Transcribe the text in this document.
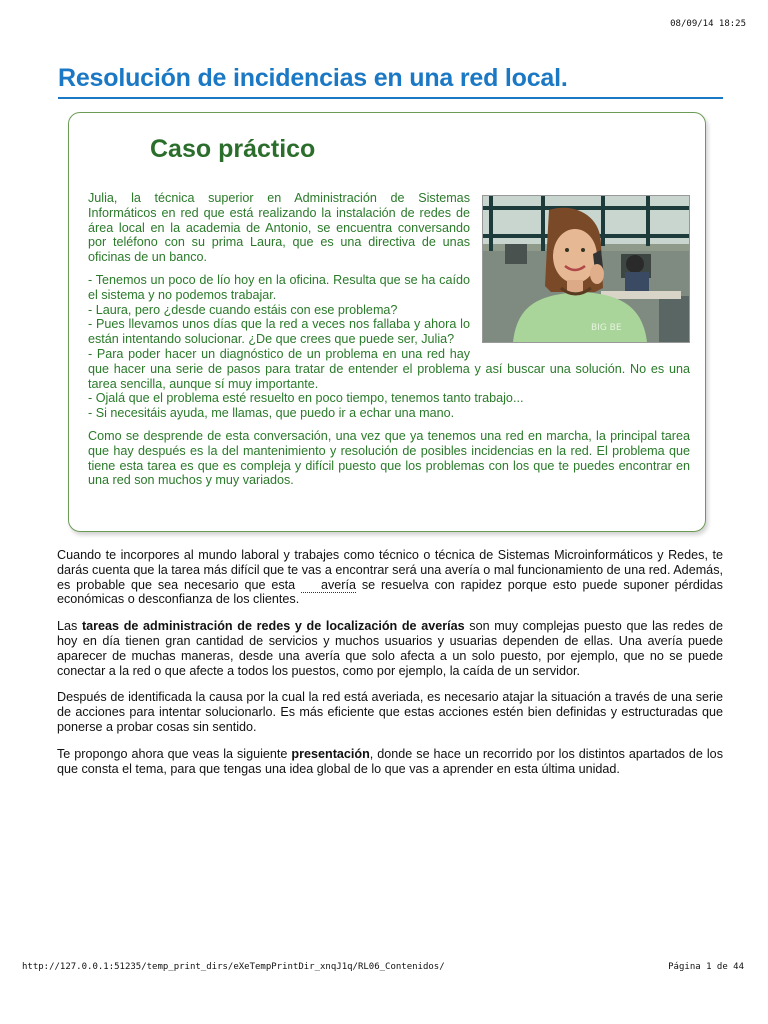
08/09/14 18:25
Resolución de incidencias en una red local.
Caso práctico
BIG BE

Julia, la técnica superior en Administración de Sistemas Informáticos en red que está realizando la instalación de redes de área local en la academia de Antonio, se encuentra conversando por teléfono con su prima Laura, que es una directiva de unas oficinas de un banco.

- Tenemos un poco de lío hoy en la oficina. Resulta que se ha caído el sistema y no podemos trabajar.
- Laura, pero ¿desde cuando estáis con ese problema?
- Pues llevamos unos días que la red a veces nos fallaba y ahora lo están intentando solucionar. ¿De que crees que puede ser, Julia?
- Para poder hacer un diagnóstico de un problema en una red hay que hacer una serie de pasos para tratar de entender el problema y así buscar una solución. No es una tarea sencilla, aunque sí muy importante.
- Ojalá que el problema esté resuelto en poco tiempo, tenemos tanto trabajo...
- Si necesitáis ayuda, me llamas, que puedo ir a echar una mano.

Como se desprende de esta conversación, una vez que ya tenemos una red en marcha, la principal tarea que hay después es la del mantenimiento y resolución de posibles incidencias en la red. El problema que tiene esta tarea es que es compleja y difícil puesto que los problemas con los que te puedes encontrar en una red son muchos y muy variados.

Cuando te incorpores al mundo laboral y trabajes como técnico o técnica de Sistemas Microinformáticos y Redes, te darás cuenta que la tarea más difícil que te vas a encontrar será una avería o mal funcionamiento de una red. Además, es probable que sea necesario que esta avería se resuelva con rapidez porque esto puede suponer pérdidas económicas o desconfianza de los clientes.

Las tareas de administración de redes y de localización de averías son muy complejas puesto que las redes de hoy en día tienen gran cantidad de servicios y muchos usuarios y usuarias dependen de ellas. Una avería puede aparecer de muchas maneras, desde una avería que solo afecta a un solo puesto, por ejemplo, que no se puede conectar a la red o que afecte a todos los puestos, como por ejemplo, la caída de un servidor.

Después de identificada la causa por la cual la red está averiada, es necesario atajar la situación a través de una serie de acciones para intentar solucionarlo. Es más eficiente que estas acciones estén bien definidas y estructuradas que ponerse a probar cosas sin sentido.

Te propongo ahora que veas la siguiente presentación, donde se hace un recorrido por los distintos apartados de los que consta el tema, para que tengas una idea global de lo que vas a aprender en esta última unidad.

http://127.0.0.1:51235/temp_print_dirs/eXeTempPrintDir_xnqJ1q/RL06_Contenidos/	Página 1 de 44
